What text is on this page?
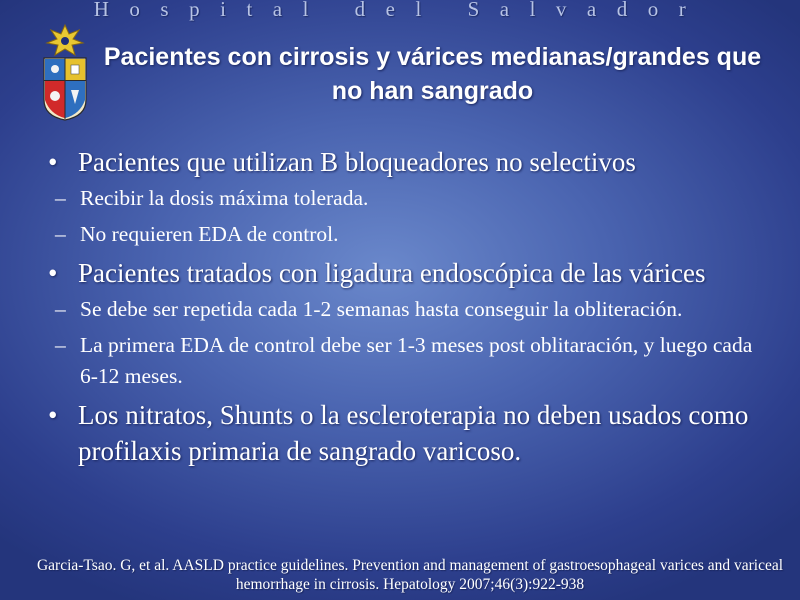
Hospital del Salvador
Pacientes con cirrosis y várices medianas/grandes que no han sangrado
• Pacientes que utilizan B bloqueadores no selectivos
– Recibir la dosis máxima tolerada.
– No requieren EDA de control.
• Pacientes tratados con ligadura endoscópica de las várices
– Se debe ser repetida cada 1-2 semanas hasta conseguir la obliteración.
– La primera EDA de control debe ser 1-3 meses post oblitaración, y luego cada 6-12 meses.
• Los nitratos, Shunts o la escleroterapia no deben usados como profilaxis primaria de sangrado varicoso.
Garcia-Tsao. G, et al. AASLD practice guidelines. Prevention and management of gastroesophageal varices and variceal hemorrhage in cirrosis. Hepatology 2007;46(3):922-938
